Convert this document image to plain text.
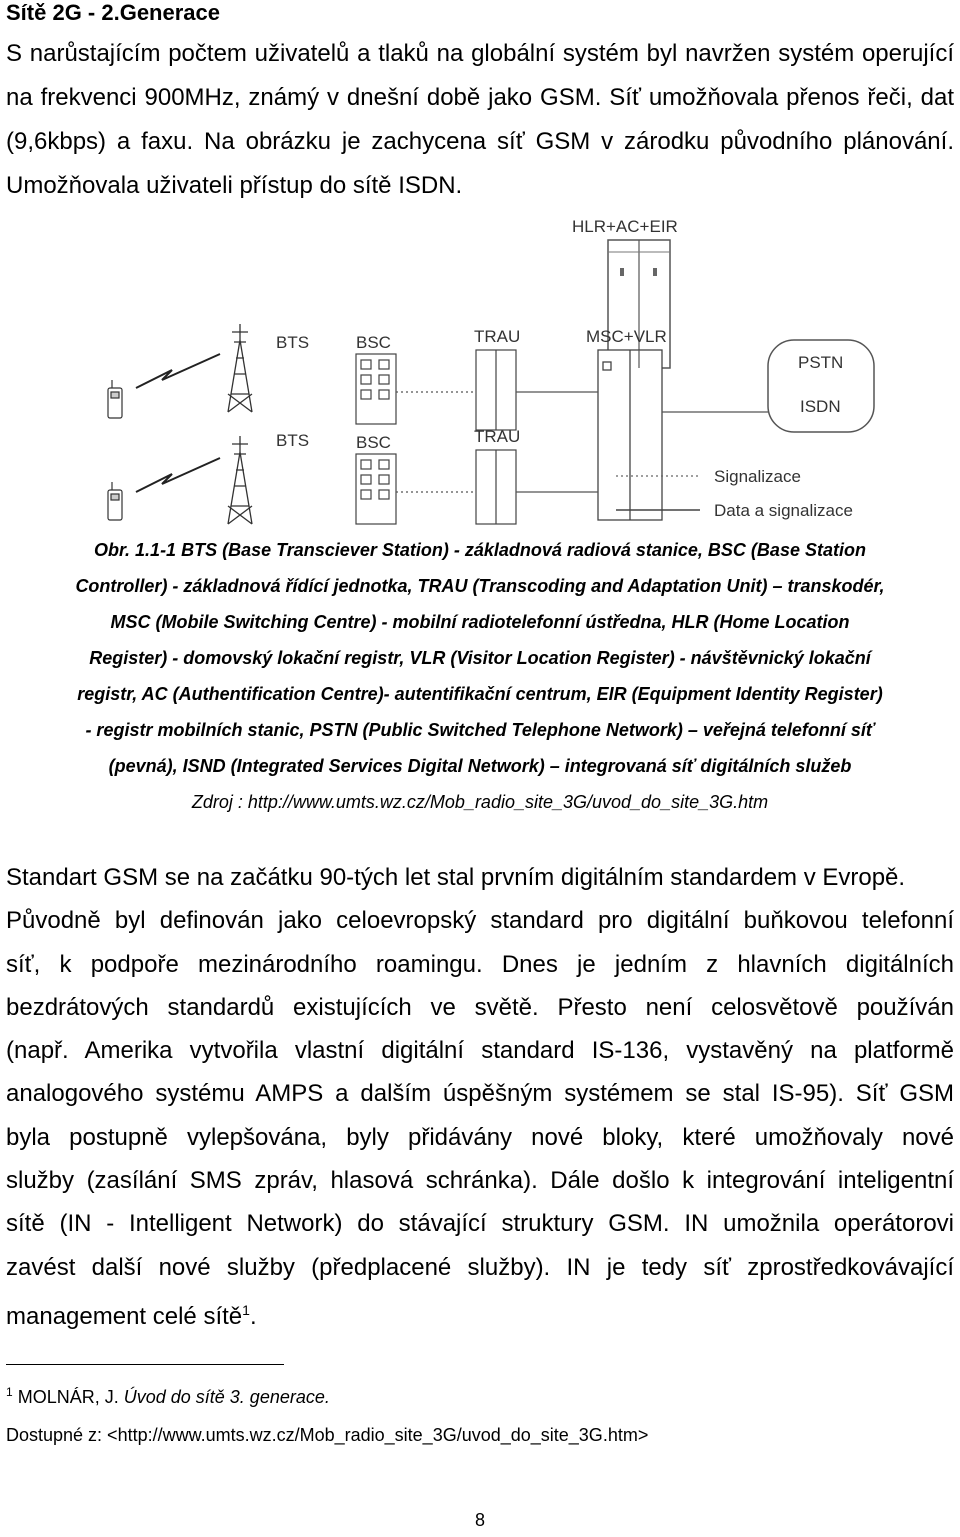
Sítě 2G - 2.Generace

S narůstajícím počtem uživatelů a tlaků na globální systém byl navržen systém operující na frekvenci 900MHz, známý v dnešní době jako GSM. Síť umožňovala přenos řeči, dat (9,6kbps) a faxu. Na obrázku je zachycena síť GSM v zárodku původního plánování. Umožňovala uživateli přístup do sítě ISDN.

HLR+AC+EIR
BTS	BSC
BTS	BSC
TRAU
TRAU
MSC+VLR
PSTN
ISDN
Signalizace
Data a signalizace
Obr. 1.1-1 BTS (Base Transciever Station) - základnová radiová stanice, BSC (Base Station
Controller) - základnová řídící jednotka, TRAU (Transcoding and Adaptation Unit) – transkodér,
MSC (Mobile Switching Centre) - mobilní radiotelefonní ústředna, HLR (Home Location
Register) - domovský lokační registr, VLR (Visitor Location Register) - návštěvnický lokační
registr, AC (Authentification Centre)- autentifikační centrum, EIR (Equipment Identity Register)
- registr mobilních stanic, PSTN (Public Switched Telephone Network) – veřejná telefonní síť
(pevná), ISND (Integrated Services Digital Network) – integrovaná síť digitálních služeb
Zdroj : http://www.umts.wz.cz/Mob_radio_site_3G/uvod_do_site_3G.htm
Standart GSM se na začátku 90-tých let stal prvním digitálním standardem v Evropě.
Původně byl definován jako celoevropský standard pro digitální buňkovou telefonní
síť, k podpoře mezinárodního roamingu. Dnes je jedním z hlavních digitálních
bezdrátových standardů existujících ve světě. Přesto není celosvětově používán
(např. Amerika vytvořila vlastní digitální standard IS-136, vystavěný na platformě
analogového systému AMPS a dalším úspěšným systémem se stal IS-95). Síť GSM
byla postupně vylepšována, byly přidávány nové bloky, které umožňovaly nové
služby (zasílání SMS zpráv, hlasová schránka). Dále došlo k integrování inteligentní
sítě (IN - Intelligent Network) do stávající struktury GSM. IN umožnila operátorovi
zavést další nové služby (předplacené služby). IN je tedy síť zprostředkovávající
management celé sítě$^1$.
$^1$ MOLNÁR, J. Úvod do sítě 3. generace.
Dostupné z: <http://www.umts.wz.cz/Mob_radio_site_3G/uvod_do_site_3G.htm>
8
